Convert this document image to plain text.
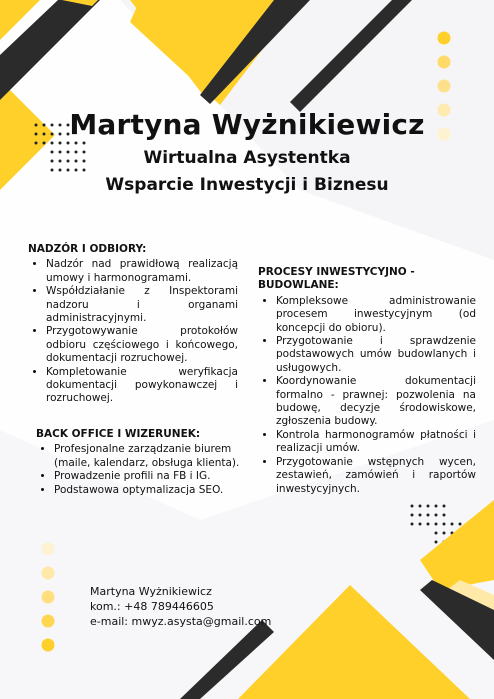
Martyna Wyżnikiewicz
Wirtualna Asystentka
Wsparcie Inwestycji i Biznesu
NADZÓR I ODBIORY:
• Nadzór nad prawidłową realizacją umowy i harmonogramami.
• Współdziałanie z Inspektorami nadzoru i organami administracyjnymi.
• Przygotowywanie protokołów odbioru częściowego i końcowego, dokumentacji rozruchowej.
• Kompletowanie weryfikacja dokumentacji powykonawczej i rozruchowej.
PROCESY INWESTYCYJNO - BUDOWLANE:
• Kompleksowe administrowanie procesem inwestycyjnym (od koncepcji do obioru).
• Przygotowanie i sprawdzenie podstawowych umów budowlanych i usługowych.
• Koordynowanie dokumentacji formalno - prawnej: pozwolenia na budowę, decyzje środowiskowe, zgłoszenia budowy.
• Kontrola harmonogramów płatności i realizacji umów.
• Przygotowanie wstępnych wycen, zestawień, zamówień i raportów inwestycyjnych.
BACK OFFICE I WIZERUNEK:
• Profesjonalne zarządzanie biurem (maile, kalendarz, obsługa klienta).
• Prowadzenie profili na FB i IG.
• Podstawowa optymalizacja SEO.
Martyna Wyżnikiewicz
kom.: +48 789446605
e-mail: mwyz.asysta@gmail.com
